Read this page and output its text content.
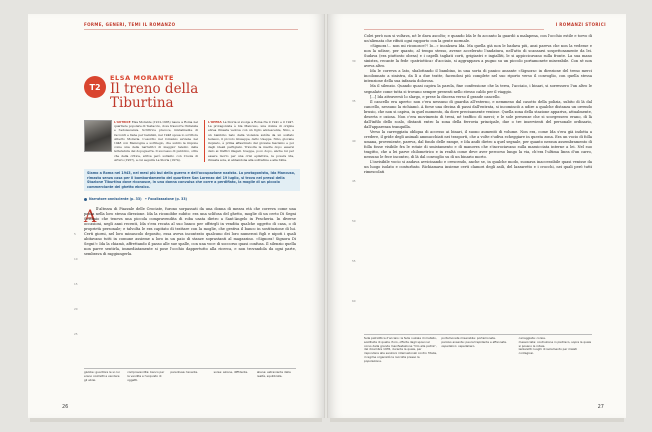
FORME, GENERI, TEMI IL ROMANZO
T2
ELSA MORANTE
Il treno della Tiburtina
L'AUTRICE Elsa Morante (1912-1985) nasce a Roma nel quartiere popolare di Testaccio, dove trascorre l'infanzia e l'adolescenza. Scrittrice precoce, inizialmente di racconti e fiabe per bambini, nel 1948 sposa lo scrittore Alberto Moravia. L'esordio nel romanzo avviene nel 1948 con Menzogna e sortilegio, che subito la impone come una delle narratrici di maggior talento della letteratura del dopoguerra. Il successo di pubblico, oltre che della critica, arriva però soltanto con L'isola di Arturo (1957), a cui seguirà La Storia (1974).
L'OPERA La Storia si svolge a Roma fra il 1941 e il 1947. La protagonista è Ida Mancuso, una donna di origine ebrea rimasta vedova con un figlio adolescente, Nino, e un bambino nato dalla violenza subìta da un soldato tedesco, il piccolo Giuseppe, detto Useppe. Nino, giovane inquieto, è prima affascinato dal giovane fascismo e poi dagli ideali partigiani. Travolta la madre dopo essersi dato ai traffici illegali. Useppe, poco dopo, anche lui per essere morto per una crisi epilettica, la povera Ida, rimasta sola, si abbandona alla solitudine e alla follia.
Siamo a Roma nel 1943, nei mesi più bui della guerra e dell'occupazione nazista. La protagonista, Ida Mancuso, rimasta senza casa per il bombardamento del quartiere San Lorenzo del 19 luglio, si trova nei pressi della Stazione Tiburtina dove riconosce, in una donna convulsa che corre a perdifiato, la moglie di un piccolo commerciante del ghetto ebraico.
Narratore onnisciente (p. 33)   • Focalizzazione (p. 33)
A ll'altezza di Piazzale delle Crociate, furono sorpassati da una donna di mezza età che correva come una pazza nella loro stessa direzione. Ida la riconobbe subito: era una sclifosa del ghetto, moglie di un certo Di Segni Settimio che teneva una piccola compravendita di roba usata dietro a Sant'Angelo in Pescheria. In diverse occasioni, negli anni recenti, Ida s'era recata al suo banco per offrirgli in vendita qualche oggetto di casa, o di proprietà personale; e talvolta le era capitato di trattare con la moglie, che gestiva il banco in sostituzione di lui. Certi giorni, nel loro minuscolo deposito, essa aveva incontrato qualcuno dei loro numerosi figli e nipoti i quali abitavano tutti in comune assieme a loro in un paio di stanze soprastanti al magazzino. «Signora! Signora Di Segni!» Ida la chiamò, affrettando il passo alle sue spalle, con una voce di soccorso quasi confusa. Il silenzio quella non parve sentirla, immediatamente si pose l'occhio dappertutto alla ricerca, e non trovandola da ogni parte, sembrava di raggiungerla.

5
10
15
20
25
giubbe: guaritore le si cui erano costretti a vendere gli ebrei.
compravendita: banco per la vendita e l'acquisto di oggetti.
parentusa: tenente.	sorsa: azione, diffidente.	aliena: estraniante dalla realtà, squilibrata.
26
I ROMANZI STORICI

Colei però non si voltava, né le dava ascolto; e quando Ida le fu accanto la guardò a malapena, con l'occhio estile e torvo di un'alienata che rifiuti ogni rapporto con la gente normale.

«Signora!... non mi riconosce?! Io...» incalzava Ida. Ma quella già non le badava più, anzi pareva che non la vedesse e non la udisse, per quanto, al tempo stesso, avesse accelerato l'andatura, nell'atto di scansarsi sospettosamente da lei. Sudava (era piuttosto obesa) e i capelli tagliati corti, grigiastri e ingialliti, le si appiccicavano sulla fronte. La sua mano sinistra, recante la fede «patriottica» d'acciaio, si aggrappava a pugno su un piccolo portamonete miserabile. Con sé non aveva altro.

Ida le correva a lato, sbalottando il bambino, in una sorta di panico ansante «Signora» in direzione del treno merci incolonnato a sinistra, da lì a due tratte, facendosi più complete nel suo riporto verso il convoglio, con quella stessa intenzione della sua infanzia dolorosa.

Ma il silenzio. Quando quasi capiva la parola, fine confessione che la terra, l'acciaio, i binari, si sorressero l'un altro le segnalate come tutta si trovano sempre presenti nello stesso caldo per il viaggio.

[...] Ida attraversò lo slargo, e prese la discesa verso il grande cancello.

Il cancello era aperto: non c'era nessuno di guardia all'esterno, e nemmeno dal casotto della polizia, subito di là dal cancello, nessuno la richiamò. A forse una decina di passi dall'entrata, si incominciò a udire a qualche distanza un orrendo brusio, che non si capiva, in quel momento, da dove precisamente venisse. Quella zona della stazione appariva, attualmente, deserta e oziosa. Non c'era movimento di treni, né traffico di merci; e le sole presenze che si scorgessero erano, di là dall'infilo dello scalo, distanti entro la zona della ferrovia principale, due o tre inservienti del personale ordinario, dall'apparenza tranquilla.

Verso la carreggiata obliqua di accesso ai binari, il suono aumentò di volume. Non era, come Ida s'era già indotta a credere, il gride degli animali ammucchiati nei trasporti, che a volte s'udiva echeggiare in questa zona. Era un vocio di folla umana, proveniente, pareva, dal fondo delle rampe, e Ida andò dietro a quel segnale, per quanto nessun assembramento di folla fosse visibile fra le rotaie di smistamento e di manovra che s'incrociavano sulla massicciata interne a lei. Nel suo tragitto, che a lei parve chilometrico e in realtà come deve aver percorso lungo la via, ch'era l'ultima linea d'un carro, nessuno le fece incontro, di là dal convoglio su di un binario morto.

L'invisibile vocio si andava avvicinando e crescendo, anche se, in qualche modo, suonava inaccessibile quasi venisse da un luogo isolato e conturbato. Richiamava insieme certi clamori degli asili, del lazzaretto e i crocchi, nei quali però tutti rimescolati

30
35
40
45
50
55
60
fede patriottica d'acciaio: la fede nuziale di metallo, sostituita di quella d'oro, offerta dagli sposi nel corso della grande manifestazione "Oro alla patria", del dicembre 1935, durante la quale, per rispondere alle sanzioni internazionali contro l'Italia, il regime organizzò la raccolta presso la popolazione.
portamonete miserabile: portamonete.
parolso ansante: paura trepidante e affannata.
ospedalico: ospedaliero.
carreggiata: corsia.
massicciata: costruzione in pietrisco, sopra la quale si posano le rotaie.
lazzaretti: luoghi di isolamento per malati contagiosi.
27
